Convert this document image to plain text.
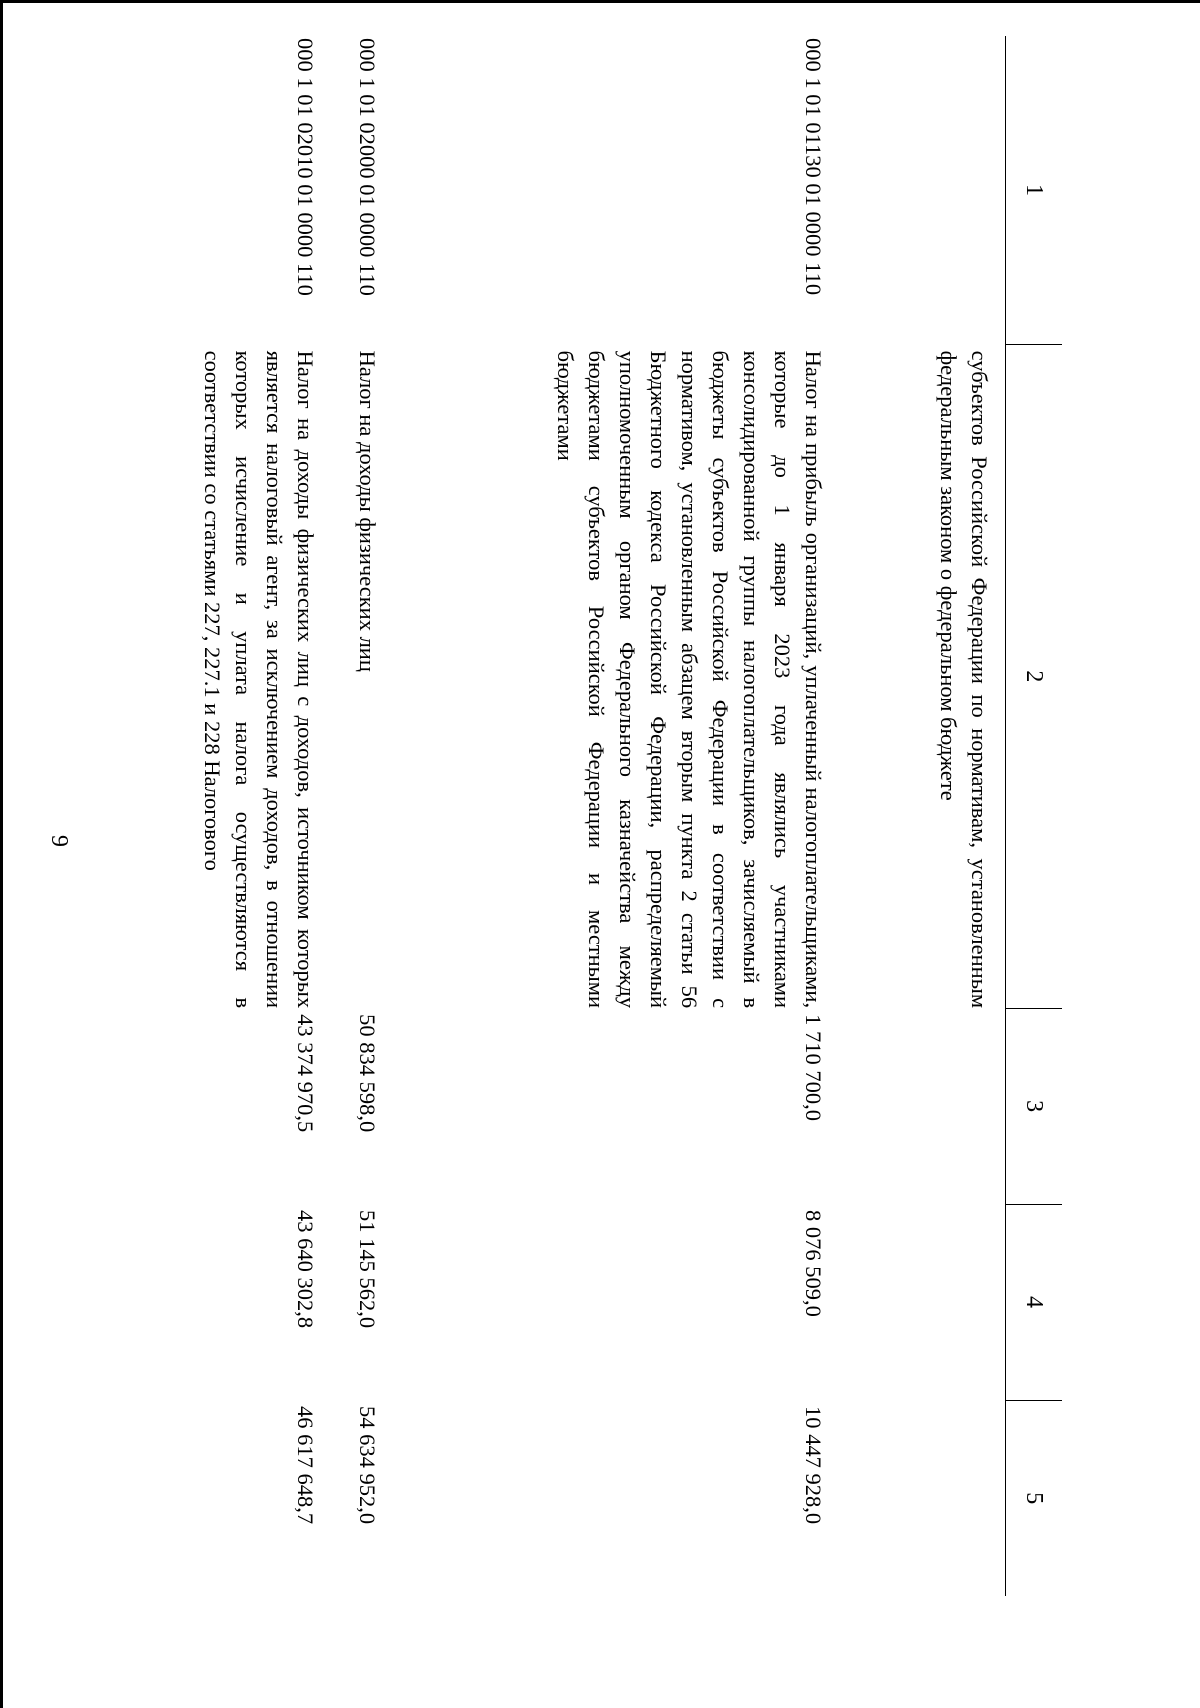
9
1	2	3	4	5
	субъектов Российской Федерации по нормативам, установленным федеральным законом о федеральном бюджете			
000 1 01 01130 01 0000 110	Налог на прибыль организаций, уплаченный налогоплательщиками, которые до 1 января 2023 года являлись участниками консолидированной группы налогоплательщиков, зачисляемый в бюджеты субъектов Российской Федерации в соответствии с нормативом, установленным абзацем вторым пункта 2 статьи 56 Бюджетного кодекса Российской Федерации, распределяемый уполномоченным органом Федерального казначейства между бюджетами субъектов Российской Федерации и местными бюджетами	1 710 700,0	8 076 509,0	10 447 928,0
000 1 01 02000 01 0000 110	Налог на доходы физических лиц	50 834 598,0	51 145 562,0	54 634 952,0
000 1 01 02010 01 0000 110	Налог на доходы физических лиц с доходов, источником которых является налоговый агент, за исключением доходов, в отношении которых исчисление и уплата налога осуществляются в соответствии со статьями 227, 227.1 и 228 Налогового	43 374 970,5	43 640 302,8	46 617 648,7
